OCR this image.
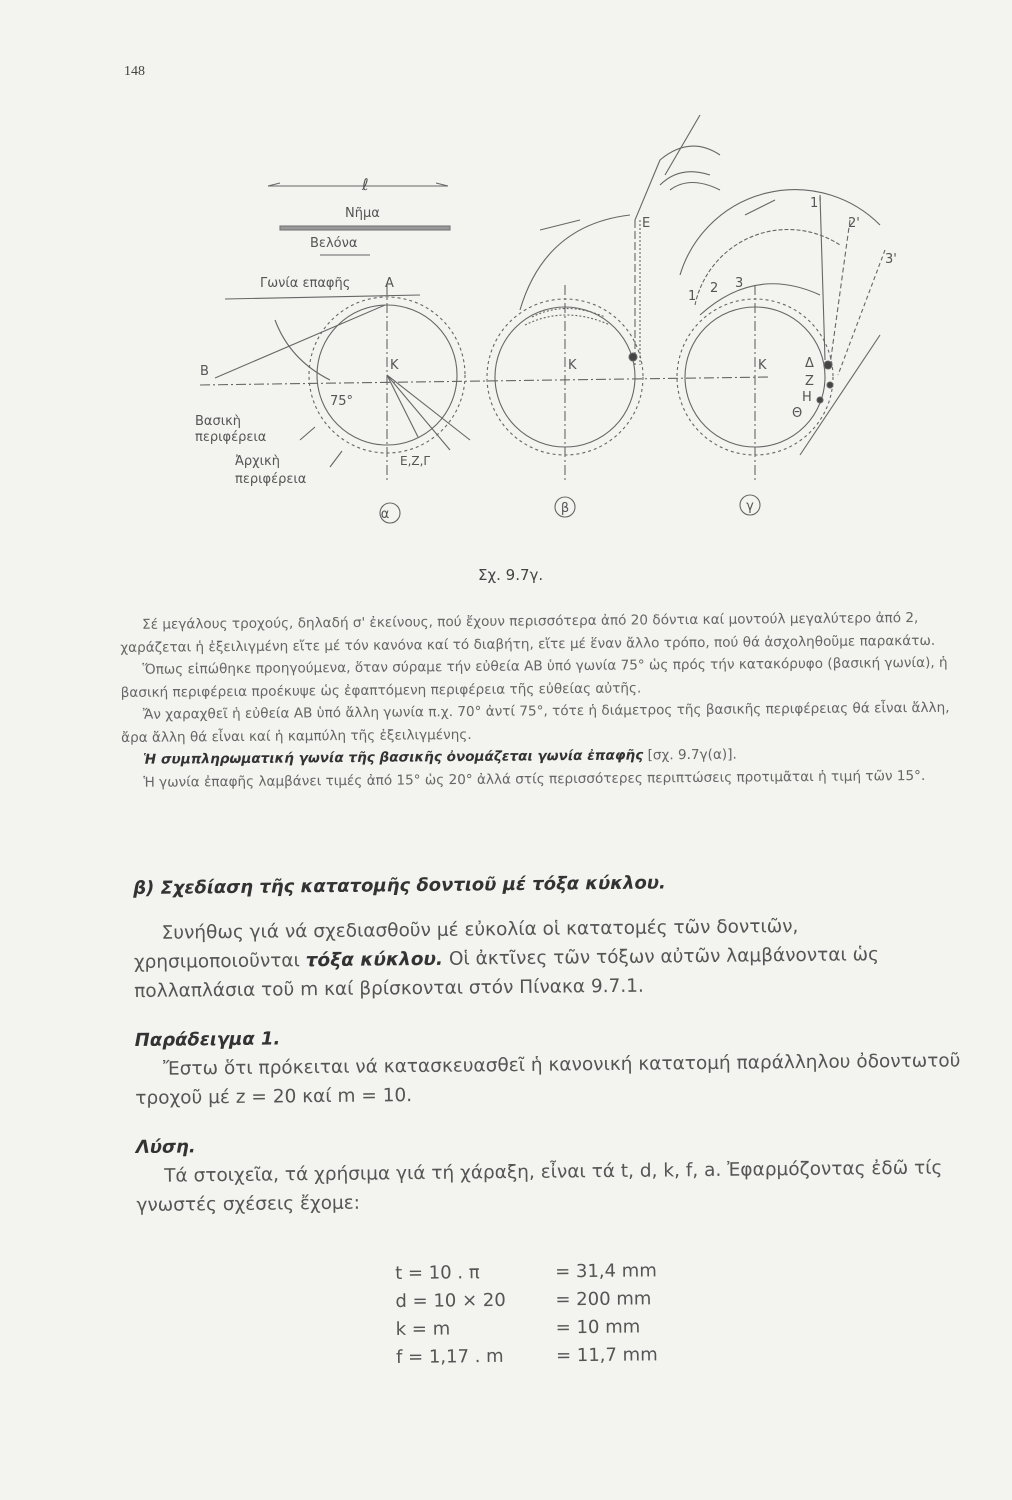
148
ℓ
Νῆμα
Βελόνα
Γωνία επαφῆς	A
B	K
75°
Βασικὴ
περιφέρεια
Ἀρχικὴ
περιφέρεια
Ε,Ζ,Γ
K
E
K
1
2 3
1'
2'
3'
Δ
Z
H
Θ
α	β	γ
Σχ. 9.7γ.

Σέ μεγάλους τροχούς, δηλαδή σ' ἐκείνους, πού ἔχουν περισσότερα ἀπό 20 δόντια καί μοντούλ μεγαλύτερο ἀπό 2, χαράζεται ἡ ἐξειλιγμένη εἴτε μέ τόν κανόνα καί τό διαβήτη, εἴτε μέ ἕναν ἄλλο τρόπο, πού θά ἀσχοληθοῦμε παρακάτω.

Ὅπως εἰπώθηκε προηγούμενα, ὅταν σύραμε τήν εὐθεία ΑΒ ὑπό γωνία 75° ὡς πρός τήν κατακόρυφο (βασική γωνία), ἡ βασική περιφέρεια προέκυψε ὡς ἐφαπτόμενη περιφέρεια τῆς εὐθείας αὐτῆς.

Ἄν χαραχθεῖ ἡ εὐθεία ΑΒ ὑπό ἄλλη γωνία π.χ. 70° ἀντί 75°, τότε ἡ διάμετρος τῆς βασικῆς περιφέρειας θά εἶναι ἄλλη, ἄρα ἄλλη θά εἶναι καί ἡ καμπύλη τῆς ἐξειλιγμένης.

Ἡ συμπληρωματική γωνία τῆς βασικῆς ὀνομάζεται γωνία ἐπαφῆς [σχ. 9.7γ(α)].

Ἡ γωνία ἐπαφῆς λαμβάνει τιμές ἀπό 15° ὡς 20° ἀλλά στίς περισσότερες περιπτώσεις προτιμᾶται ἡ τιμή τῶν 15°.

β) Σχεδίαση τῆς κατατομῆς δοντιοῦ μέ τόξα κύκλου.

Συνήθως γιά νά σχεδιασθοῦν μέ εὐκολία οἱ κατατομές τῶν δοντιῶν, χρησιμοποιοῦνται τόξα κύκλου. Οἱ ἀκτῖνες τῶν τόξων αὐτῶν λαμβάνονται ὡς πολλαπλάσια τοῦ m καί βρίσκονται στόν Πίνακα 9.7.1.

Παράδειγμα 1.

Ἔστω ὅτι πρόκειται νά κατασκευασθεῖ ἡ κανονική κατατομή παράλληλου ὀδοντωτοῦ τροχοῦ μέ z = 20 καί m = 10.

Λύση.

Τά στοιχεῖα, τά χρήσιμα γιά τή χάραξη, εἶναι τά t, d, k, f, a. Ἐφαρμόζοντας ἐδῶ τίς γνωστές σχέσεις ἔχομε:

t = 10 . π	= 31,4 mm
d = 10 × 20	= 200 mm
k = m	= 10 mm
f = 1,17 . m	= 11,7 mm
